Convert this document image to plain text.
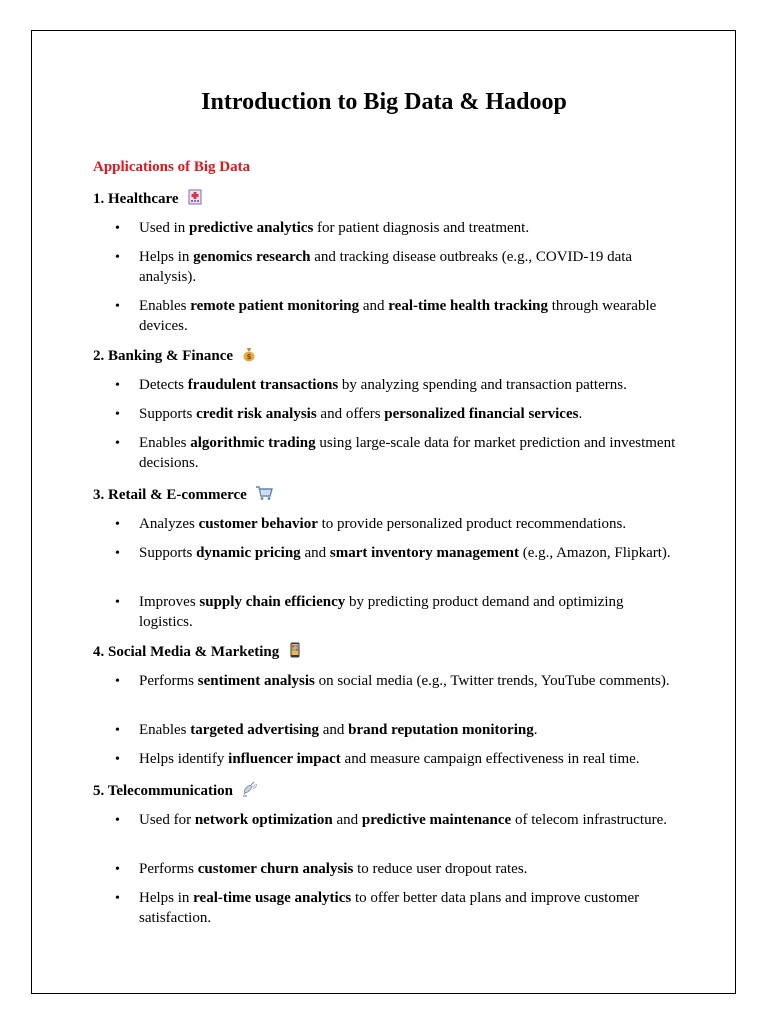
Introduction to Big Data & Hadoop
Applications of Big Data
1. Healthcare
• Used in predictive analytics for patient diagnosis and treatment.
• Helps in genomics research and tracking disease outbreaks (e.g., COVID-19 data analysis).
• Enables remote patient monitoring and real-time health tracking through wearable devices.
2. Banking & Finance $
• Detects fraudulent transactions by analyzing spending and transaction patterns.
• Supports credit risk analysis and offers personalized financial services.
• Enables algorithmic trading using large-scale data for market prediction and investment decisions.
3. Retail & E-commerce
• Analyzes customer behavior to provide personalized product recommendations.
• Supports dynamic pricing and smart inventory management (e.g., Amazon, Flipkart).
• Improves supply chain efficiency by predicting product demand and optimizing logistics.
4. Social Media & Marketing
• Performs sentiment analysis on social media (e.g., Twitter trends, YouTube comments).
• Enables targeted advertising and brand reputation monitoring.
• Helps identify influencer impact and measure campaign effectiveness in real time.
5. Telecommunication
• Used for network optimization and predictive maintenance of telecom infrastructure.
• Performs customer churn analysis to reduce user dropout rates.
• Helps in real-time usage analytics to offer better data plans and improve customer satisfaction.
